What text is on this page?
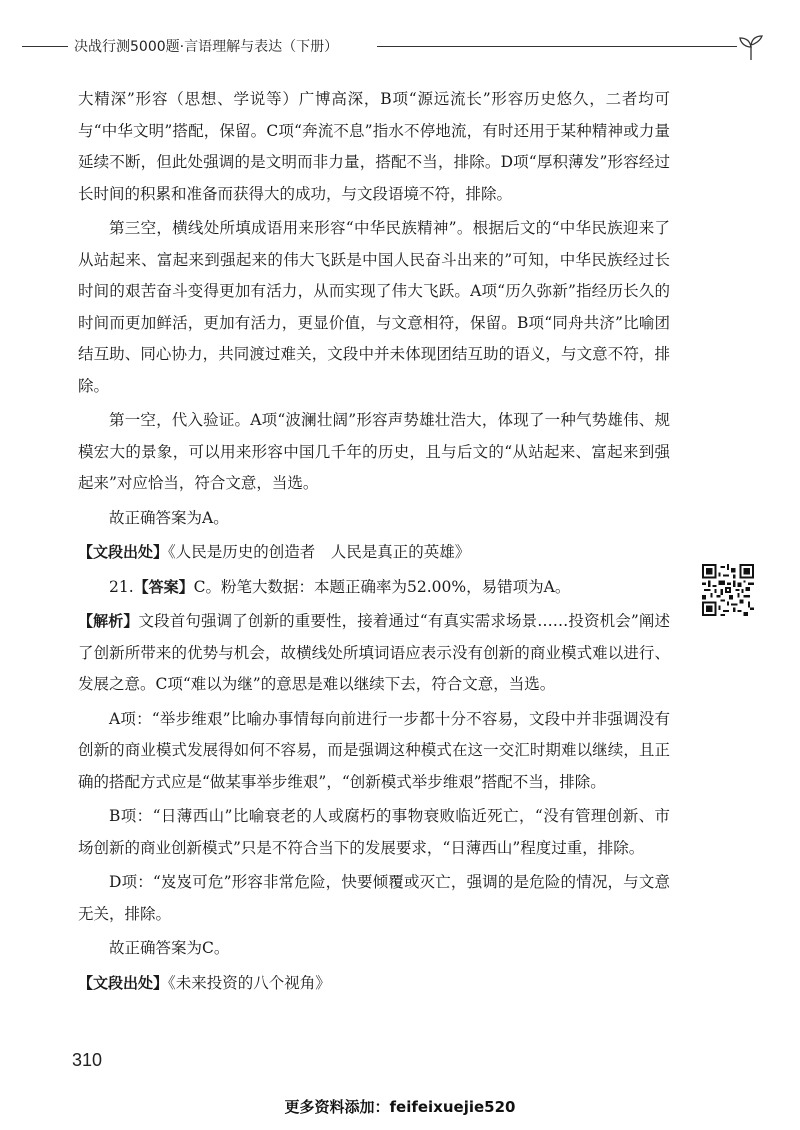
决战行测5000题·言语理解与表达（下册）

大精深”形容（思想、学说等）广博高深，B项“源远流长”形容历史悠久，二者均可与“中华文明”搭配，保留。C项“奔流不息”指水不停地流，有时还用于某种精神或力量延续不断，但此处强调的是文明而非力量，搭配不当，排除。D项“厚积薄发”形容经过长时间的积累和准备而获得大的成功，与文段语境不符，排除。

第三空，横线处所填成语用来形容“中华民族精神”。根据后文的“中华民族迎来了从站起来、富起来到强起来的伟大飞跃是中国人民奋斗出来的”可知，中华民族经过长时间的艰苦奋斗变得更加有活力，从而实现了伟大飞跃。A项“历久弥新”指经历长久的时间而更加鲜活，更加有活力，更显价值，与文意相符，保留。B项“同舟共济”比喻团结互助、同心协力，共同渡过难关，文段中并未体现团结互助的语义，与文意不符，排除。

第一空，代入验证。A项“波澜壮阔”形容声势雄壮浩大，体现了一种气势雄伟、规模宏大的景象，可以用来形容中国几千年的历史，且与后文的“从站起来、富起来到强起来”对应恰当，符合文意，当选。

故正确答案为A。

【文段出处】《人民是历史的创造者　人民是真正的英雄》

21.【答案】C。粉笔大数据：本题正确率为52.00%，易错项为A。

【解析】文段首句强调了创新的重要性，接着通过“有真实需求场景……投资机会”阐述了创新所带来的优势与机会，故横线处所填词语应表示没有创新的商业模式难以进行、发展之意。C项“难以为继”的意思是难以继续下去，符合文意，当选。

A项：“举步维艰”比喻办事情每向前进行一步都十分不容易，文段中并非强调没有创新的商业模式发展得如何不容易，而是强调这种模式在这一交汇时期难以继续，且正确的搭配方式应是“做某事举步维艰”，“创新模式举步维艰”搭配不当，排除。

B项：“日薄西山”比喻衰老的人或腐朽的事物衰败临近死亡，“没有管理创新、市场创新的商业创新模式”只是不符合当下的发展要求，“日薄西山”程度过重，排除。

D项：“岌岌可危”形容非常危险，快要倾覆或灭亡，强调的是危险的情况，与文意无关，排除。

故正确答案为C。

【文段出处】《未来投资的八个视角》

310
更多资料添加：feifeixuejie520
